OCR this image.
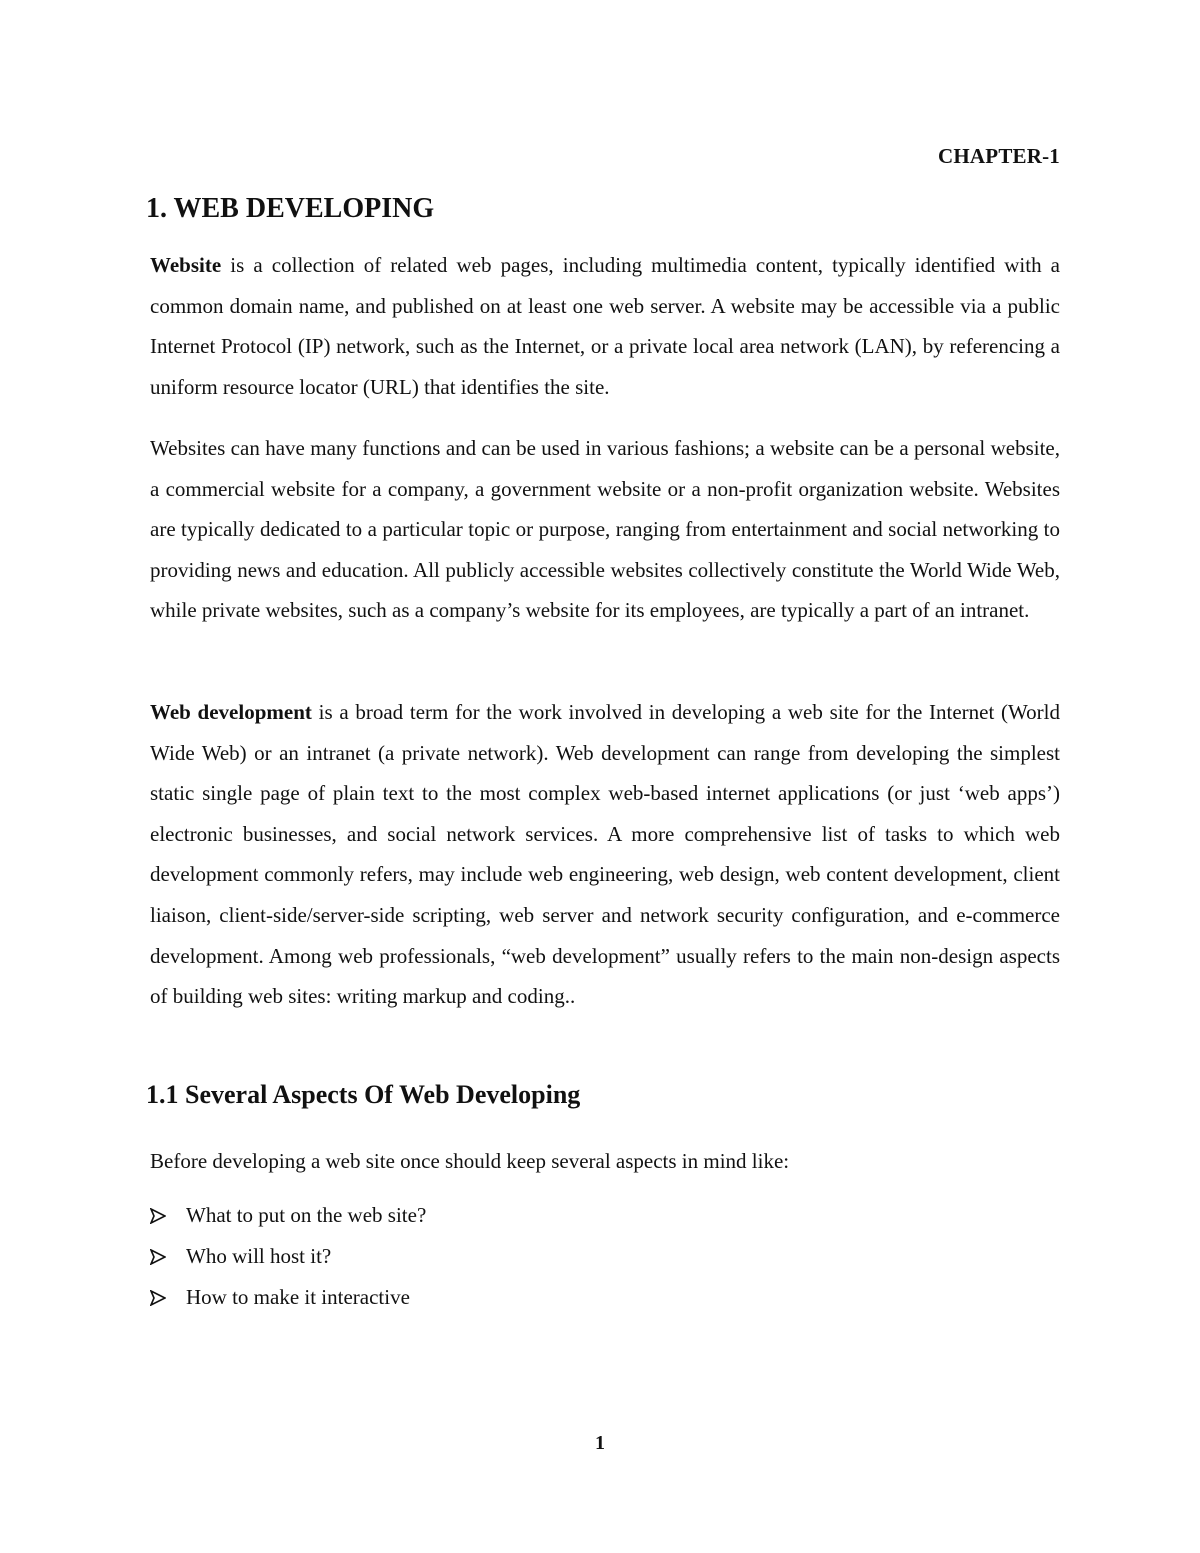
CHAPTER-1
1. WEB DEVELOPING

Website is a collection of related web pages, including multimedia content, typically identified with a common domain name, and published on at least one web server. A website may be accessible via a public Internet Protocol (IP) network, such as the Internet, or a private local area network (LAN), by referencing a uniform resource locator (URL) that identifies the site.

Websites can have many functions and can be used in various fashions; a website can be a personal website, a commercial website for a company, a government website or a non-profit organization website. Websites are typically dedicated to a particular topic or purpose, ranging from entertainment and social networking to providing news and education. All publicly accessible websites collectively constitute the World Wide Web, while private websites, such as a company’s website for its employees, are typically a part of an intranet.

Web development is a broad term for the work involved in developing a web site for the Internet (World Wide Web) or an intranet (a private network). Web development can range from developing the simplest static single page of plain text to the most complex web-based internet applications (or just ‘web apps’) electronic businesses, and social network services. A more comprehensive list of tasks to which web development commonly refers, may include web engineering, web design, web content development, client liaison, client-side/server-side scripting, web server and network security configuration, and e-commerce development. Among web professionals, “web development” usually refers to the main non-design aspects of building web sites: writing markup and coding..

1.1 Several Aspects Of Web Developing

Before developing a web site once should keep several aspects in mind like:

What to put on the web site?
Who will host it?
How to make it interactive
1
